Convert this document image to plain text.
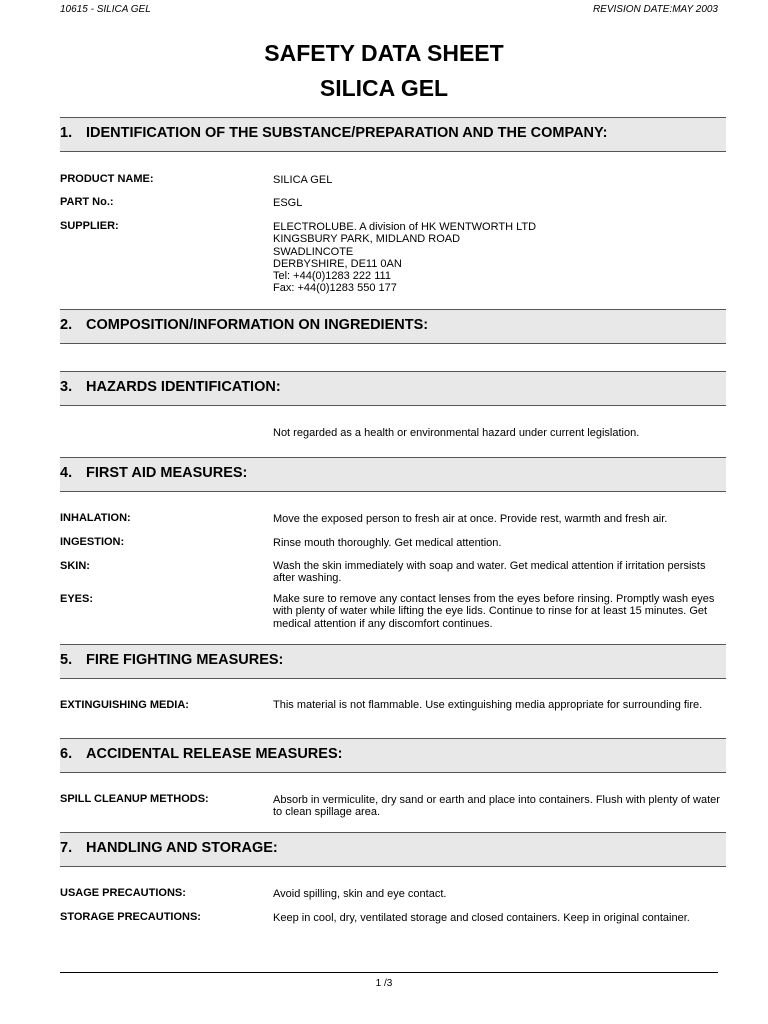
10615 - SILICA GEL	REVISION DATE:MAY 2003
SAFETY DATA SHEET
SILICA GEL
1. IDENTIFICATION OF THE SUBSTANCE/PREPARATION AND THE COMPANY:
PRODUCT NAME:	SILICA GEL
PART No.:	ESGL
SUPPLIER:	ELECTROLUBE. A division of HK WENTWORTH LTD
KINGSBURY PARK, MIDLAND ROAD
SWADLINCOTE
DERBYSHIRE, DE11 0AN
Tel: +44(0)1283 222 111
Fax: +44(0)1283 550 177
2. COMPOSITION/INFORMATION ON INGREDIENTS:
3. HAZARDS IDENTIFICATION:
Not regarded as a health or environmental hazard under current legislation.
4. FIRST AID MEASURES:
INHALATION:	Move the exposed person to fresh air at once. Provide rest, warmth and fresh air.
INGESTION:	Rinse mouth thoroughly. Get medical attention.
SKIN:	Wash the skin immediately with soap and water. Get medical attention if irritation persists after washing.
EYES:	Make sure to remove any contact lenses from the eyes before rinsing. Promptly wash eyes with plenty of water while lifting the eye lids. Continue to rinse for at least 15 minutes. Get medical attention if any discomfort continues.
5. FIRE FIGHTING MEASURES:
EXTINGUISHING MEDIA:	This material is not flammable. Use extinguishing media appropriate for surrounding fire.
6. ACCIDENTAL RELEASE MEASURES:
SPILL CLEANUP METHODS:	Absorb in vermiculite, dry sand or earth and place into containers. Flush with plenty of water to clean spillage area.
7. HANDLING AND STORAGE:
USAGE PRECAUTIONS:	Avoid spilling, skin and eye contact.
STORAGE PRECAUTIONS:	Keep in cool, dry, ventilated storage and closed containers. Keep in original container.
1 /3
